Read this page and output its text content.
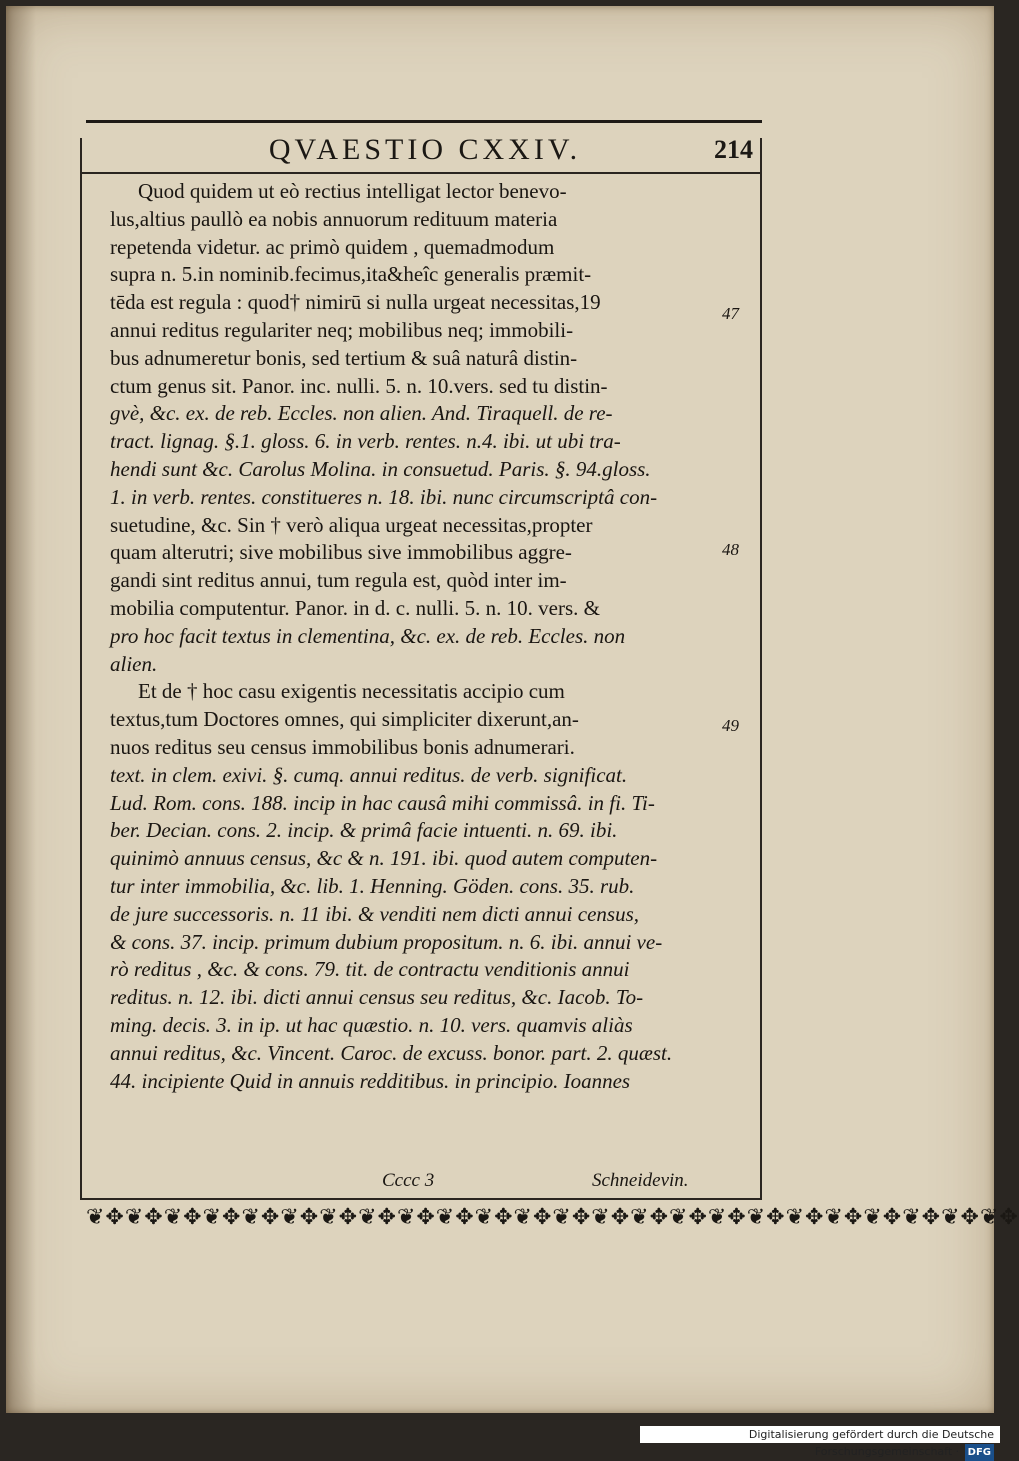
QVAESTIO CXXIV.	214
Quod quidem ut eò rectius intelligat lector benevo-
lus,altius paullò ea nobis annuorum redituum materia
repetenda videtur. ac primò quidem , quemadmodum
supra n. 5.in nominib.fecimus,ita&heîc generalis præmit-
tēda est regula : quod† nimirū si nulla urgeat necessitas,19
annui reditus regulariter neq; mobilibus neq; immobili-
bus adnumeretur bonis, sed tertium & suâ naturâ distin-
ctum genus sit. Panor. inc. nulli. 5. n. 10.vers. sed tu distin-
gvè, &c. ex. de reb. Eccles. non alien. And. Tiraquell. de re-
tract. lignag. §.1. gloss. 6. in verb. rentes. n.4. ibi. ut ubi tra-
hendi sunt &c. Carolus Molina. in consuetud. Paris. §. 94.gloss.
1. in verb. rentes. constitueres n. 18. ibi. nunc circumscriptâ con-
suetudine, &c. Sin † verò aliqua urgeat necessitas,propter
quam alterutri; sive mobilibus sive immobilibus aggre-
gandi sint reditus annui, tum regula est, quòd inter im-
mobilia computentur. Panor. in d. c. nulli. 5. n. 10. vers. &
pro hoc facit textus in clementina, &c. ex. de reb. Eccles. non
alien.
Et de † hoc casu exigentis necessitatis accipio cum
textus,tum Doctores omnes, qui simpliciter dixerunt,an-
nuos reditus seu census immobilibus bonis adnumerari.
text. in clem. exivi. §. cumq. annui reditus. de verb. significat.
Lud. Rom. cons. 188. incip in hac causâ mihi commissâ. in fi. Ti-
ber. Decian. cons. 2. incip. & primâ facie intuenti. n. 69. ibi.
quinimò annuus census, &c & n. 191. ibi. quod autem computen-
tur inter immobilia, &c. lib. 1. Henning. Göden. cons. 35. rub.
de jure successoris. n. 11 ibi. & venditi nem dicti annui census,
& cons. 37. incip. primum dubium propositum. n. 6. ibi. annui ve-
rò reditus , &c. & cons. 79. tit. de contractu venditionis annui
reditus. n. 12. ibi. dicti annui census seu reditus, &c. Iacob. To-
ming. decis. 3. in ip. ut hac quæstio. n. 10. vers. quamvis aliàs
annui reditus, &c. Vincent. Caroc. de excuss. bonor. part. 2. quæst.
44. incipiente Quid in annuis redditibus. in principio. Ioannes
47
48
49
Cccc 3	Schneidevin.
❦✥❦✥❦✥❦✥❦✥❦✥❦✥❦✥❦✥❦✥❦✥❦✥❦✥❦✥❦✥❦✥❦✥❦✥❦✥❦✥❦✥❦✥❦✥❦✥
Digitalisierung gefördert durch die Deutsche Forschungsgemeinschaft · DFG
